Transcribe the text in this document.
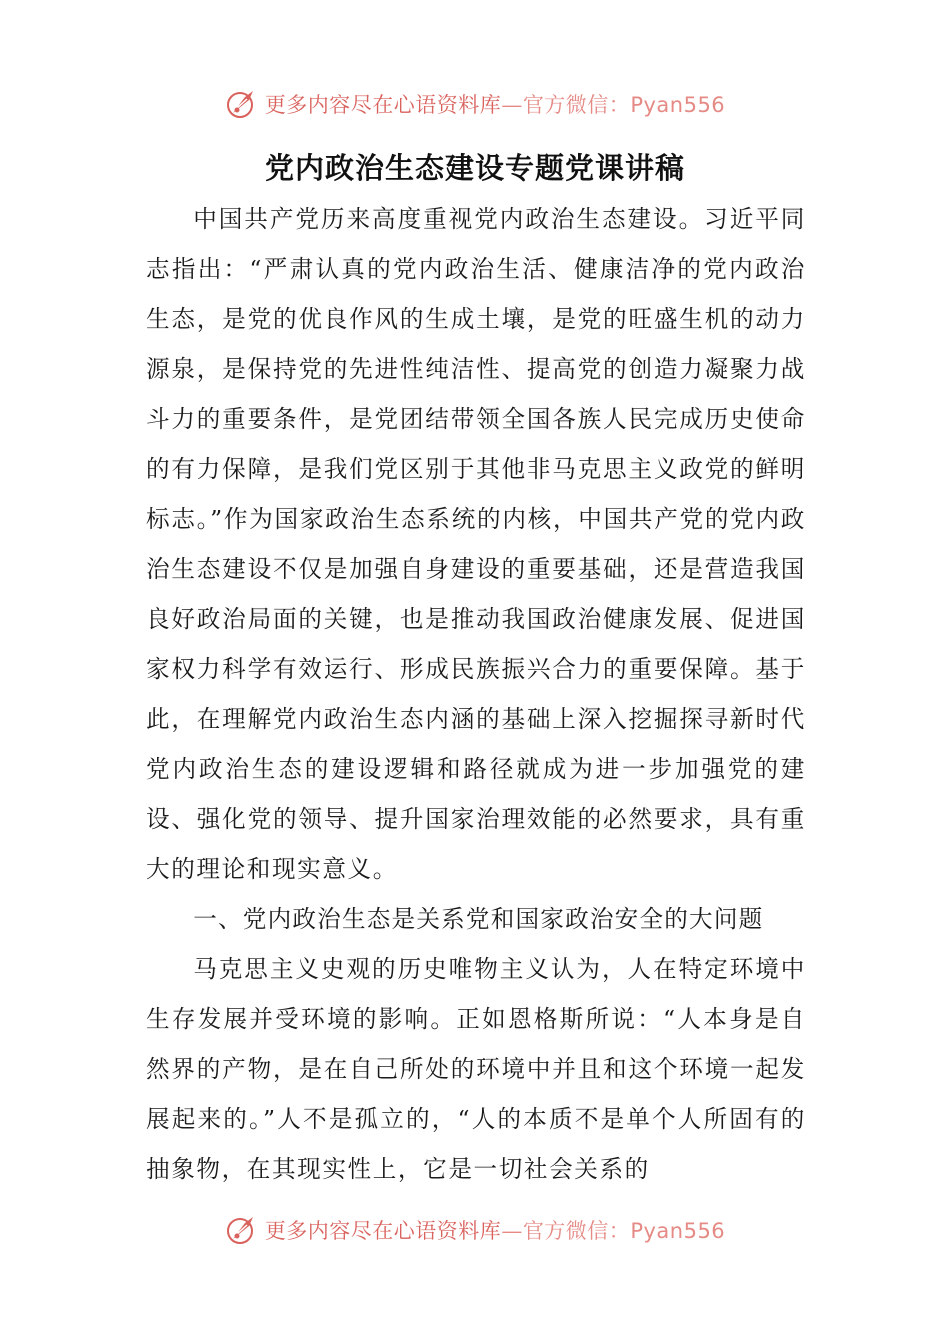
更多内容尽在心语资料库—官方微信：Pyan556
党内政治生态建设专题党课讲稿

中国共产党历来高度重视党内政治生态建设。习近平同志指出：“严肃认真的党内政治生活、健康洁净的党内政治生态，是党的优良作风的生成土壤，是党的旺盛生机的动力源泉，是保持党的先进性纯洁性、提高党的创造力凝聚力战斗力的重要条件，是党团结带领全国各族人民完成历史使命的有力保障，是我们党区别于其他非马克思主义政党的鲜明标志。”作为国家政治生态系统的内核，中国共产党的党内政治生态建设不仅是加强自身建设的重要基础，还是营造我国良好政治局面的关键，也是推动我国政治健康发展、促进国家权力科学有效运行、形成民族振兴合力的重要保障。基于此，在理解党内政治生态内涵的基础上深入挖掘探寻新时代党内政治生态的建设逻辑和路径就成为进一步加强党的建设、强化党的领导、提升国家治理效能的必然要求，具有重大的理论和现实意义。

一、党内政治生态是关系党和国家政治安全的大问题

马克思主义史观的历史唯物主义认为，人在特定环境中生存发展并受环境的影响。正如恩格斯所说：“人本身是自然界的产物，是在自己所处的环境中并且和这个环境一起发展起来的。”人不是孤立的，“人的本质不是单个人所固有的抽象物，在其现实性上，它是一切社会关系的

更多内容尽在心语资料库—官方微信：Pyan556
